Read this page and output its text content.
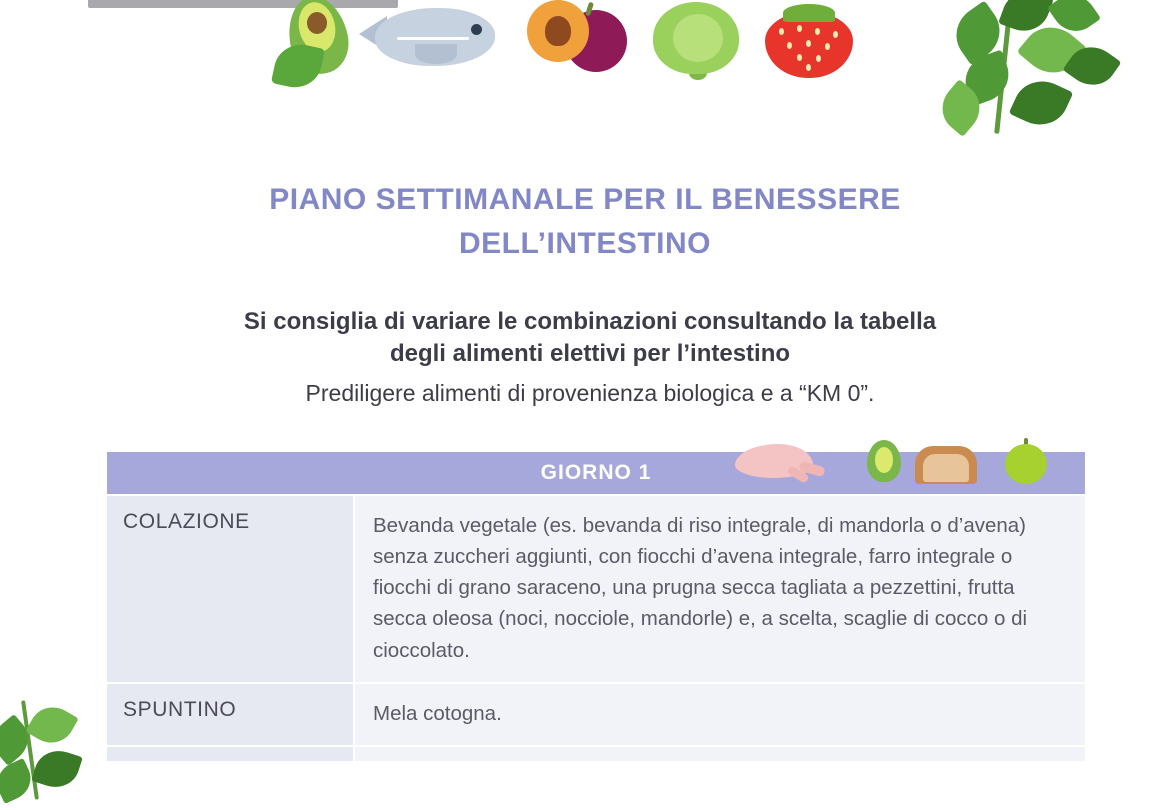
PIANO SETTIMANALE PER IL BENESSERE
DELL’INTESTINO
Si consiglia di variare le combinazioni consultando la tabella
degli alimenti elettivi per l’intestino
Prediligere alimenti di provenienza biologica e a “KM 0”.
GIORNO 1
COLAZIONE	Bevanda vegetale (es. bevanda di riso integrale, di mandorla o d’avena) senza zuccheri aggiunti, con fiocchi d’avena integrale, farro integrale o fiocchi di grano saraceno, una prugna secca tagliata a pezzettini, frutta secca oleosa (noci, nocciole, mandorle) e, a scelta, scaglie di cocco o di cioccolato.
SPUNTINO	Mela cotogna.
